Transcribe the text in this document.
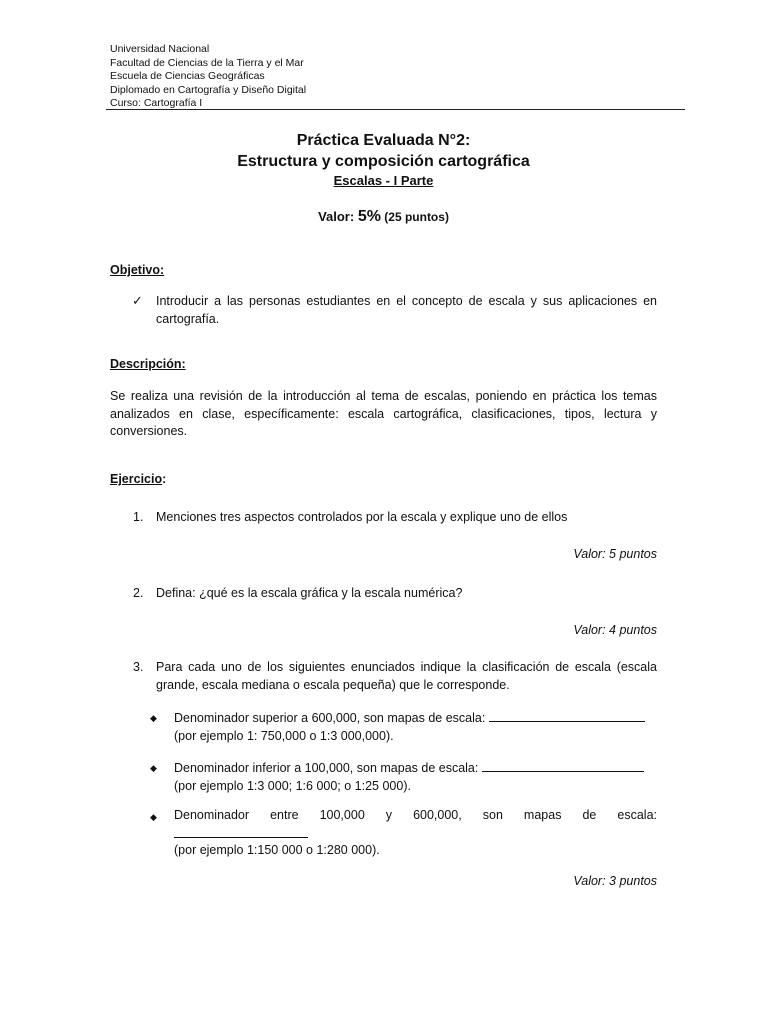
Universidad Nacional
Facultad de Ciencias de la Tierra y el Mar
Escuela de Ciencias Geográficas
Diplomado en Cartografía y Diseño Digital
Curso: Cartografía I
Práctica Evaluada N°2:
Estructura y composición cartográfica
Escalas - I Parte
Valor: 5% (25 puntos)
Objetivo:
✓ Introducir a las personas estudiantes en el concepto de escala y sus aplicaciones en cartografía.
Descripción:
Se realiza una revisión de la introducción al tema de escalas, poniendo en práctica los temas analizados en clase, específicamente: escala cartográfica, clasificaciones, tipos, lectura y conversiones.
Ejercicio:
1. Menciones tres aspectos controlados por la escala y explique uno de ellos
Valor: 5 puntos
2. Defina: ¿qué es la escala gráfica y la escala numérica?
Valor: 4 puntos
3. Para cada uno de los siguientes enunciados indique la clasificación de escala (escala grande, escala mediana o escala pequeña) que le corresponde.
◆ Denominador superior a 600,000, son mapas de escala:
(por ejemplo 1: 750,000 o 1:3 000,000).
◆ Denominador inferior a 100,000, son mapas de escala:
(por ejemplo 1:3 000; 1:6 000; o 1:25 000).
◆ Denominador entre 100,000 y 600,000, son mapas de escala:
(por ejemplo 1:150 000 o 1:280 000).
Valor: 3 puntos
